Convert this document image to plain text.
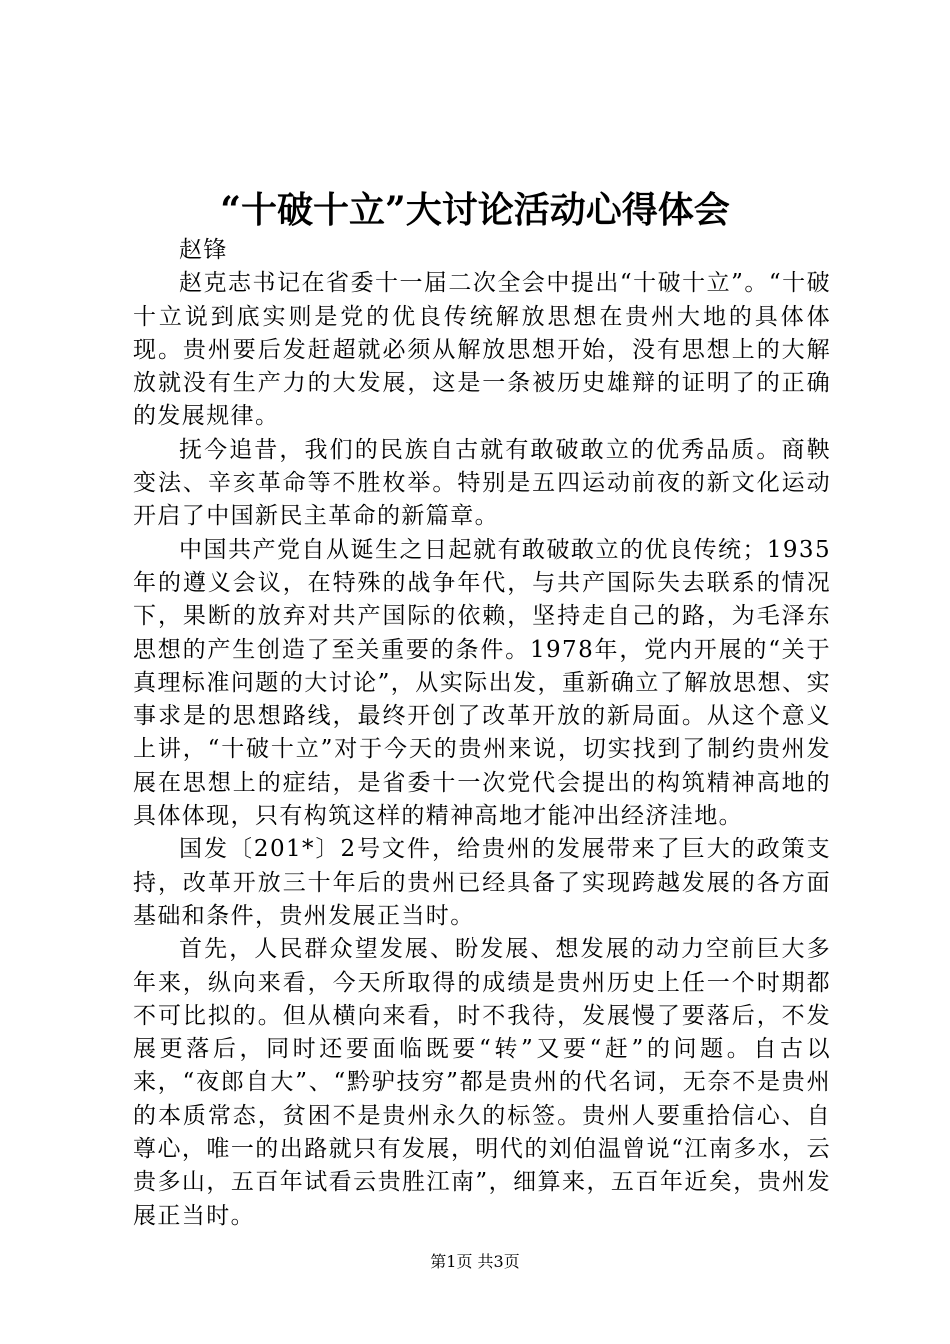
“十破十立”大讨论活动心得体会

赵锋

赵克志书记在省委十一届二次全会中提出“十破十立”。“十破十立说到底实则是党的优良传统解放思想在贵州大地的具体体现。贵州要后发赶超就必须从解放思想开始，没有思想上的大解放就没有生产力的大发展，这是一条被历史雄辩的证明了的正确的发展规律。

抚今追昔，我们的民族自古就有敢破敢立的优秀品质。商鞅变法、辛亥革命等不胜枚举。特别是五四运动前夜的新文化运动开启了中国新民主革命的新篇章。

中国共产党自从诞生之日起就有敢破敢立的优良传统；1935年的遵义会议，在特殊的战争年代，与共产国际失去联系的情况下，果断的放弃对共产国际的依赖，坚持走自己的路，为毛泽东思想的产生创造了至关重要的条件。1978年，党内开展的“关于真理标准问题的大讨论”，从实际出发，重新确立了解放思想、实事求是的思想路线，最终开创了改革开放的新局面。从这个意义上讲，“十破十立”对于今天的贵州来说，切实找到了制约贵州发展在思想上的症结，是省委十一次党代会提出的构筑精神高地的具体体现，只有构筑这样的精神高地才能冲出经济洼地。

国发〔201*〕2号文件，给贵州的发展带来了巨大的政策支持，改革开放三十年后的贵州已经具备了实现跨越发展的各方面基础和条件，贵州发展正当时。

首先，人民群众望发展、盼发展、想发展的动力空前巨大多年来，纵向来看，今天所取得的成绩是贵州历史上任一个时期都不可比拟的。但从横向来看，时不我待，发展慢了要落后，不发展更落后，同时还要面临既要“转”又要“赶”的问题。自古以来，“夜郎自大”、“黔驴技穷”都是贵州的代名词，无奈不是贵州的本质常态，贫困不是贵州永久的标签。贵州人要重拾信心、自尊心，唯一的出路就只有发展，明代的刘伯温曾说“江南多水，云贵多山，五百年试看云贵胜江南”，细算来，五百年近矣，贵州发展正当时。

第1页 共3页
